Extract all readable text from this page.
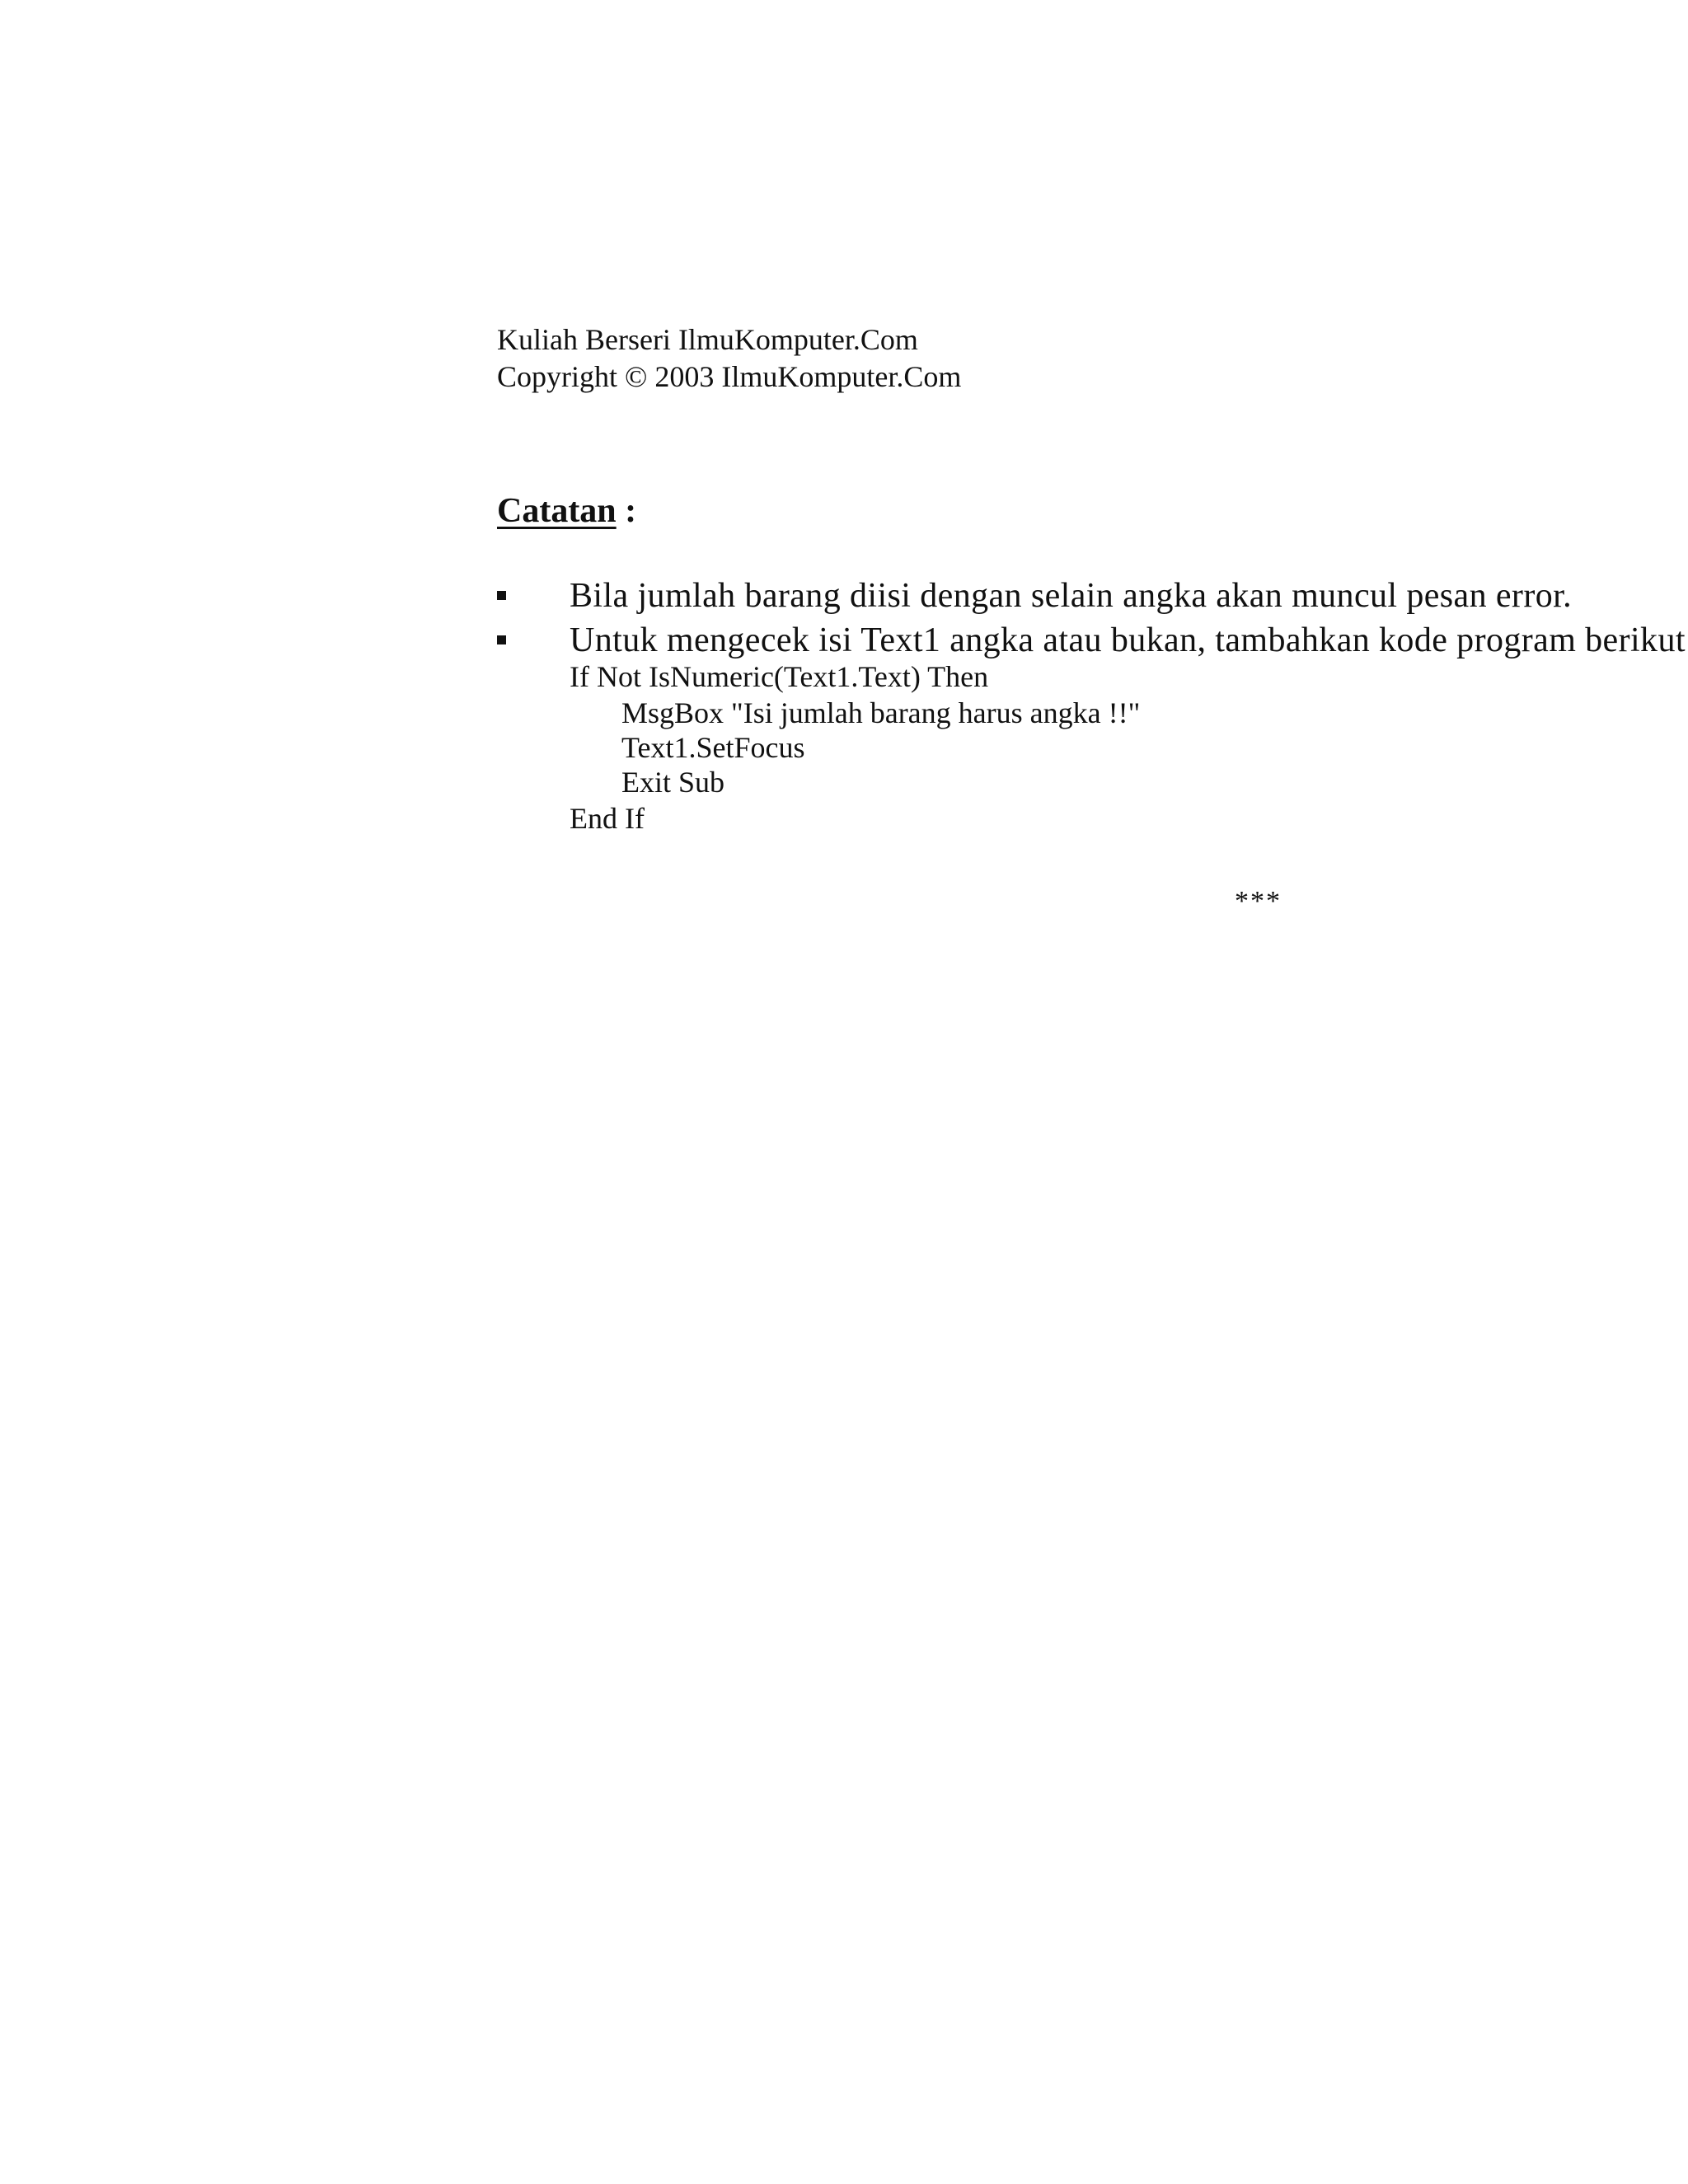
Kuliah Berseri IlmuKomputer.Com
Copyright © 2003 IlmuKomputer.Com
Catatan :
Bila jumlah barang diisi dengan selain angka akan muncul pesan error.
Untuk mengecek isi Text1 angka atau bukan, tambahkan kode program berikut
If Not IsNumeric(Text1.Text) Then
MsgBox "Isi jumlah barang harus angka !!"
Text1.SetFocus
Exit Sub
End If
***
